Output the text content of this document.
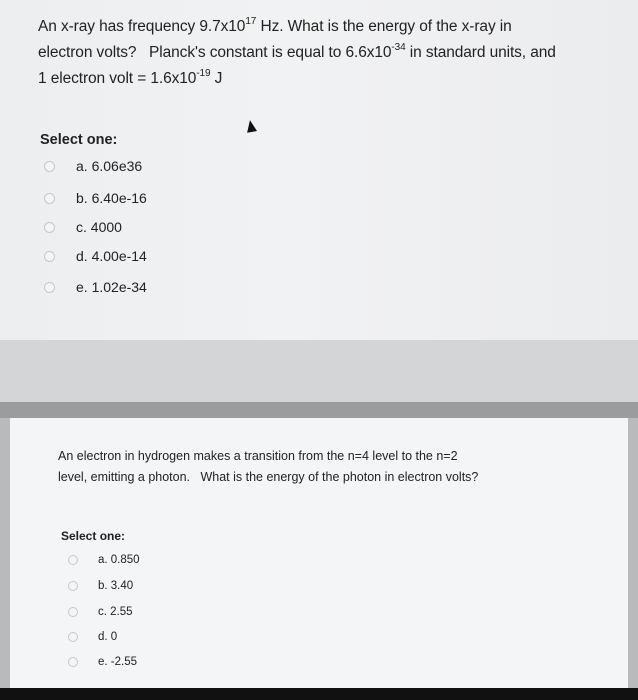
An x-ray has frequency $9.7x10^{17}$ Hz. What is the energy of the x-ray in
electron volts?   Planck's constant is equal to $6.6x10^{-34}$ in standard units, and
1 electron volt = $1.6x10^{-19}$ J
Select one:
a. 6.06e36
b. 6.40e-16
c. 4000
d. 4.00e-14
e. 1.02e-34
An electron in hydrogen makes a transition from the n=4 level to the n=2
level, emitting a photon.   What is the energy of the photon in electron volts?
Select one:
a. 0.850
b. 3.40
c. 2.55
d. 0
e. -2.55
